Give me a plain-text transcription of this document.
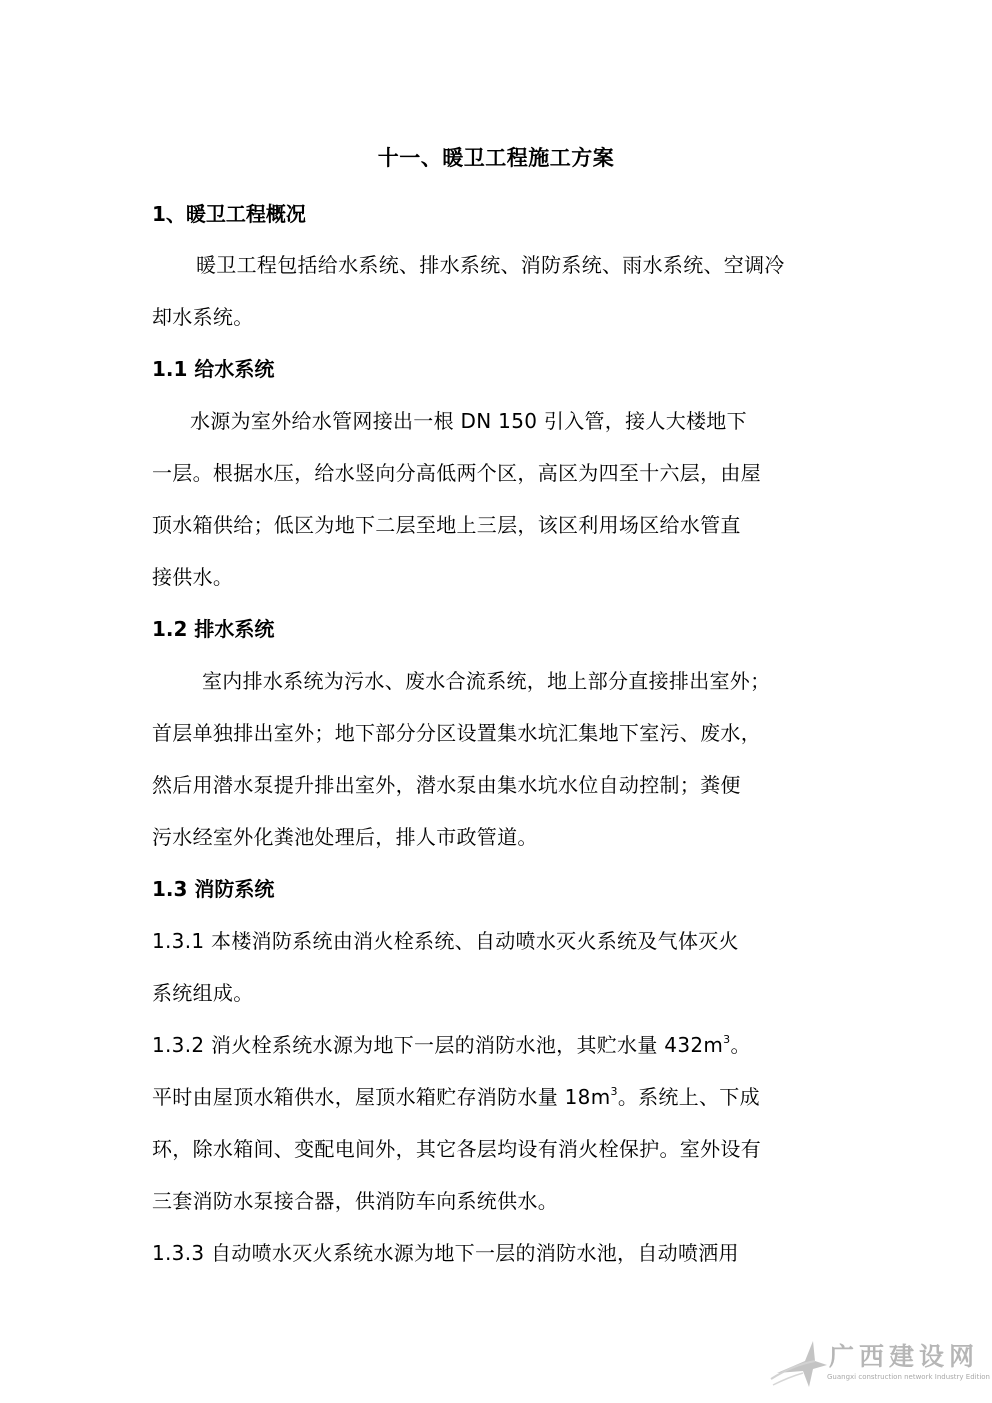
十一、暖卫工程施工方案
1、暖卫工程概况
暖卫工程包括给水系统、排水系统、消防系统、雨水系统、空调冷
却水系统。
1.1 给水系统
水源为室外给水管网接出一根 DN 150 引入管，接人大楼地下
一层。根据水压，给水竖向分高低两个区，高区为四至十六层，由屋
顶水箱供给；低区为地下二层至地上三层，该区利用场区给水管直
接供水。
1.2 排水系统
室内排水系统为污水、废水合流系统，地上部分直接排出室外；
首层单独排出室外；地下部分分区设置集水坑汇集地下室污、废水，
然后用潜水泵提升排出室外，潜水泵由集水坑水位自动控制；粪便
污水经室外化粪池处理后，排人市政管道。
1.3 消防系统
1.3.1 本楼消防系统由消火栓系统、自动喷水灭火系统及气体灭火
系统组成。
1.3.2 消火栓系统水源为地下一层的消防水池，其贮水量 $432m^3$。
平时由屋顶水箱供水，屋顶水箱贮存消防水量 $18m^3$。系统上、下成
环，除水箱间、变配电间外，其它各层均设有消火栓保护。室外设有
三套消防水泵接合器，供消防车向系统供水。
1.3.3 自动喷水灭火系统水源为地下一层的消防水池，自动喷洒用
广西建设网
Guangxi construction network Industry Edition
